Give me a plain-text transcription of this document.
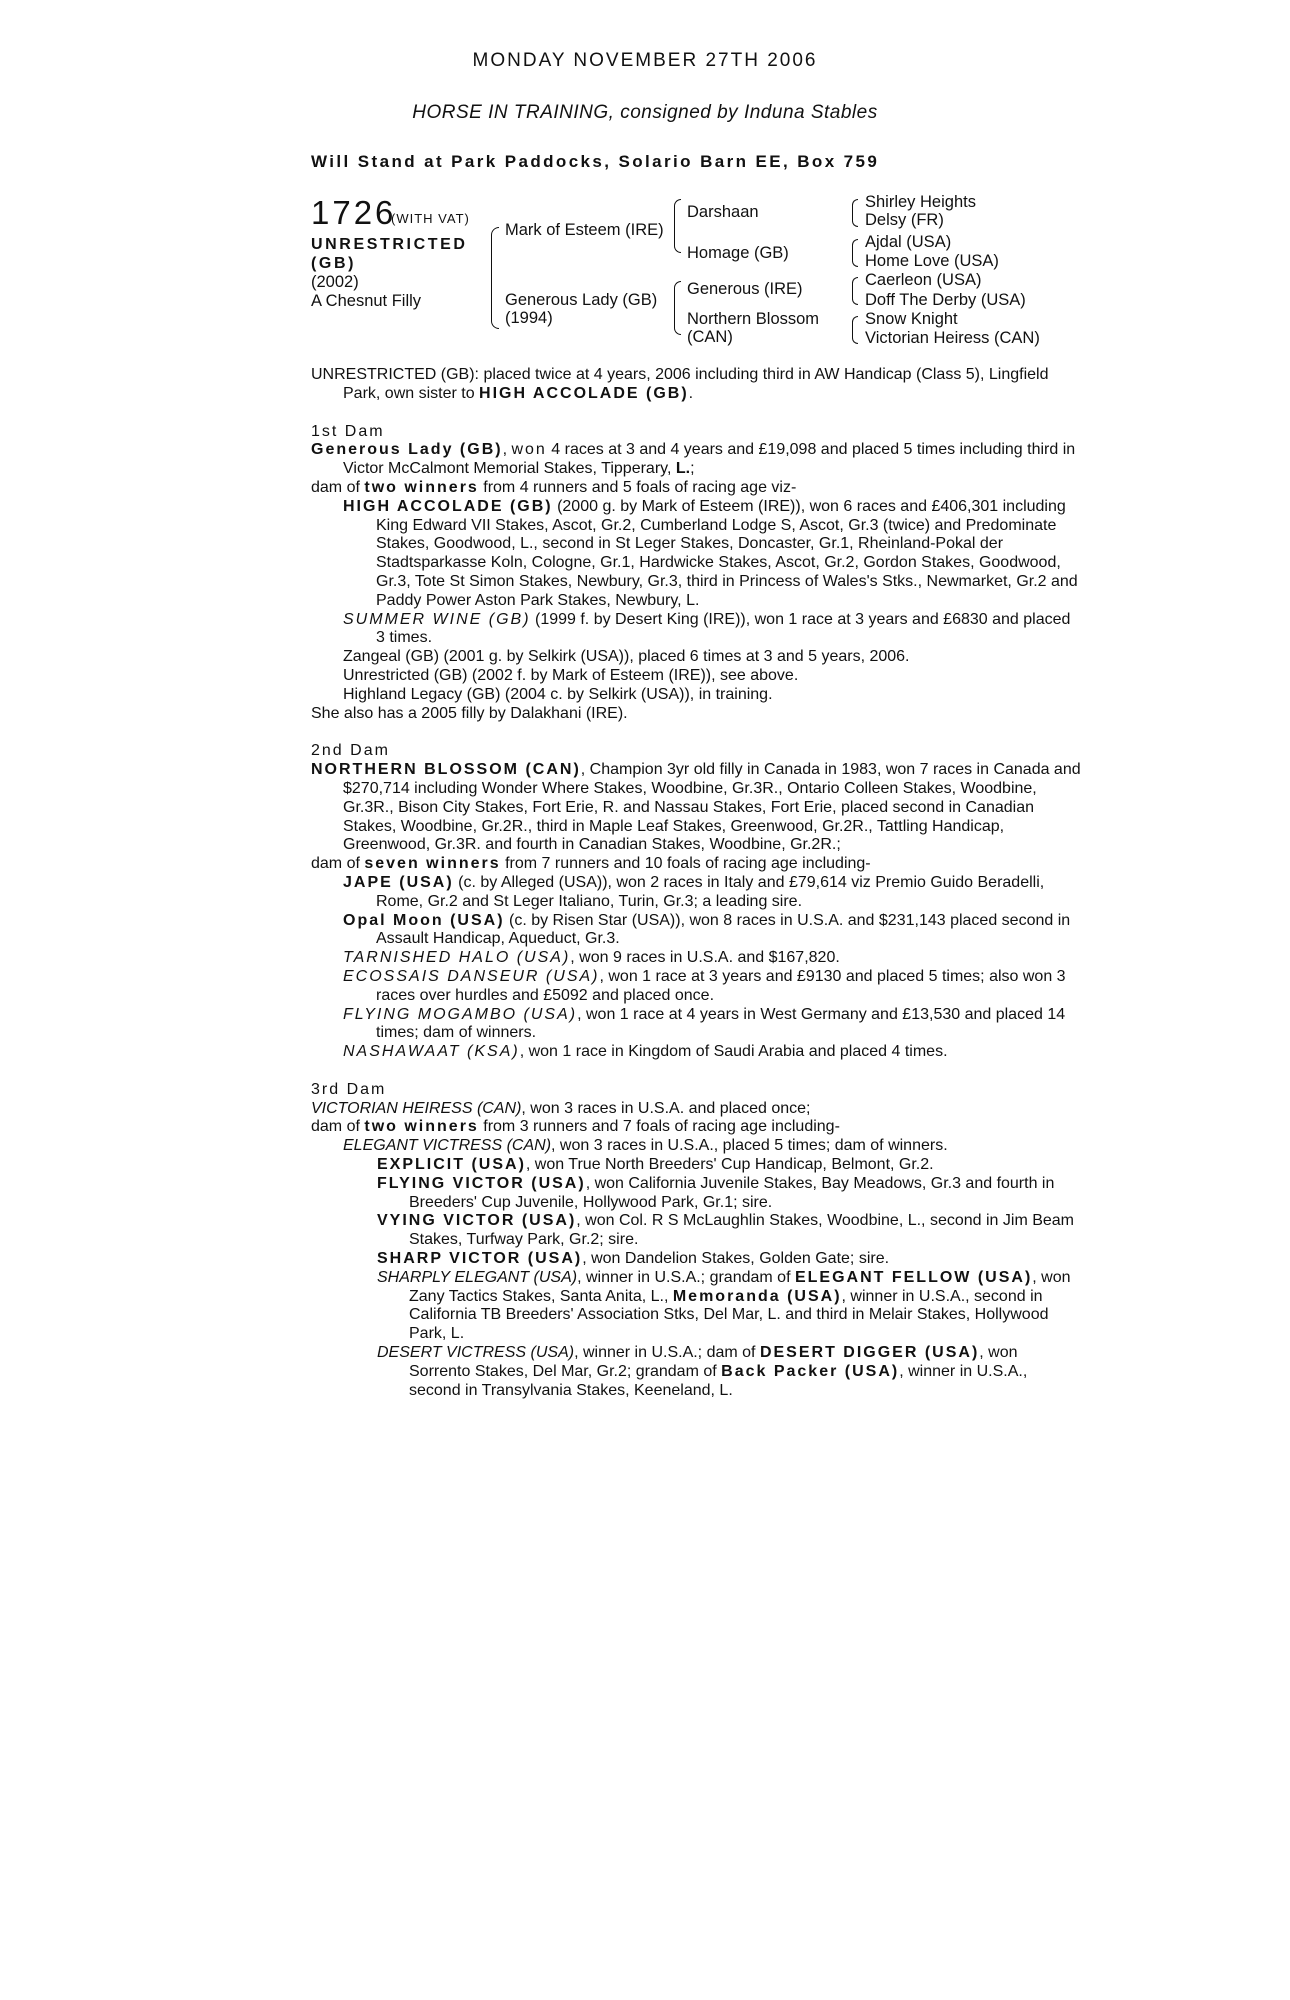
MONDAY NOVEMBER 27TH 2006
HORSE IN TRAINING, consigned by Induna Stables
Will Stand at Park Paddocks, Solario Barn EE, Box 759
1726
(WITH VAT)
UNRESTRICTED
(GB)
(2002)
A Chesnut Filly
Mark of Esteem (IRE)
Generous Lady (GB)
(1994)
Darshaan
Homage (GB)
Generous (IRE)
Northern Blossom
(CAN)
Shirley Heights
Delsy (FR)
Ajdal (USA)
Home Love (USA)
Caerleon (USA)
Doff The Derby (USA)
Snow Knight
Victorian Heiress (CAN)

UNRESTRICTED (GB): placed twice at 4 years, 2006 including third in AW Handicap (Class 5), Lingfield Park, own sister to HIGH ACCOLADE (GB).

1st Dam

Generous Lady (GB), won 4 races at 3 and 4 years and £19,098 and placed 5 times including third in Victor McCalmont Memorial Stakes, Tipperary, L.;

dam of two winners from 4 runners and 5 foals of racing age viz-

HIGH ACCOLADE (GB) (2000 g. by Mark of Esteem (IRE)), won 6 races and £406,301 including King Edward VII Stakes, Ascot, Gr.2, Cumberland Lodge S, Ascot, Gr.3 (twice) and Predominate Stakes, Goodwood, L., second in St Leger Stakes, Doncaster, Gr.1, Rheinland-Pokal der Stadtsparkasse Koln, Cologne, Gr.1, Hardwicke Stakes, Ascot, Gr.2, Gordon Stakes, Goodwood, Gr.3, Tote St Simon Stakes, Newbury, Gr.3, third in Princess of Wales's Stks., Newmarket, Gr.2 and Paddy Power Aston Park Stakes, Newbury, L.

SUMMER WINE (GB) (1999 f. by Desert King (IRE)), won 1 race at 3 years and £6830 and placed 3 times.

Zangeal (GB) (2001 g. by Selkirk (USA)), placed 6 times at 3 and 5 years, 2006.

Unrestricted (GB) (2002 f. by Mark of Esteem (IRE)), see above.

Highland Legacy (GB) (2004 c. by Selkirk (USA)), in training.

She also has a 2005 filly by Dalakhani (IRE).

2nd Dam

NORTHERN BLOSSOM (CAN), Champion 3yr old filly in Canada in 1983, won 7 races in Canada and $270,714 including Wonder Where Stakes, Woodbine, Gr.3R., Ontario Colleen Stakes, Woodbine, Gr.3R., Bison City Stakes, Fort Erie, R. and Nassau Stakes, Fort Erie, placed second in Canadian Stakes, Woodbine, Gr.2R., third in Maple Leaf Stakes, Greenwood, Gr.2R., Tattling Handicap, Greenwood, Gr.3R. and fourth in Canadian Stakes, Woodbine, Gr.2R.;

dam of seven winners from 7 runners and 10 foals of racing age including-

JAPE (USA) (c. by Alleged (USA)), won 2 races in Italy and £79,614 viz Premio Guido Beradelli, Rome, Gr.2 and St Leger Italiano, Turin, Gr.3; a leading sire.

Opal Moon (USA) (c. by Risen Star (USA)), won 8 races in U.S.A. and $231,143 placed second in Assault Handicap, Aqueduct, Gr.3.

TARNISHED HALO (USA), won 9 races in U.S.A. and $167,820.

ECOSSAIS DANSEUR (USA), won 1 race at 3 years and £9130 and placed 5 times; also won 3 races over hurdles and £5092 and placed once.

FLYING MOGAMBO (USA), won 1 race at 4 years in West Germany and £13,530 and placed 14 times; dam of winners.

NASHAWAAT (KSA), won 1 race in Kingdom of Saudi Arabia and placed 4 times.

3rd Dam

VICTORIAN HEIRESS (CAN), won 3 races in U.S.A. and placed once;

dam of two winners from 3 runners and 7 foals of racing age including-

ELEGANT VICTRESS (CAN), won 3 races in U.S.A., placed 5 times; dam of winners.

EXPLICIT (USA), won True North Breeders' Cup Handicap, Belmont, Gr.2.

FLYING VICTOR (USA), won California Juvenile Stakes, Bay Meadows, Gr.3 and fourth in Breeders' Cup Juvenile, Hollywood Park, Gr.1; sire.

VYING VICTOR (USA), won Col. R S McLaughlin Stakes, Woodbine, L., second in Jim Beam Stakes, Turfway Park, Gr.2; sire.

SHARP VICTOR (USA), won Dandelion Stakes, Golden Gate; sire.

SHARPLY ELEGANT (USA), winner in U.S.A.; grandam of ELEGANT FELLOW (USA), won Zany Tactics Stakes, Santa Anita, L., Memoranda (USA), winner in U.S.A., second in California TB Breeders' Association Stks, Del Mar, L. and third in Melair Stakes, Hollywood Park, L.

DESERT VICTRESS (USA), winner in U.S.A.; dam of DESERT DIGGER (USA), won Sorrento Stakes, Del Mar, Gr.2; grandam of Back Packer (USA), winner in U.S.A., second in Transylvania Stakes, Keeneland, L.
